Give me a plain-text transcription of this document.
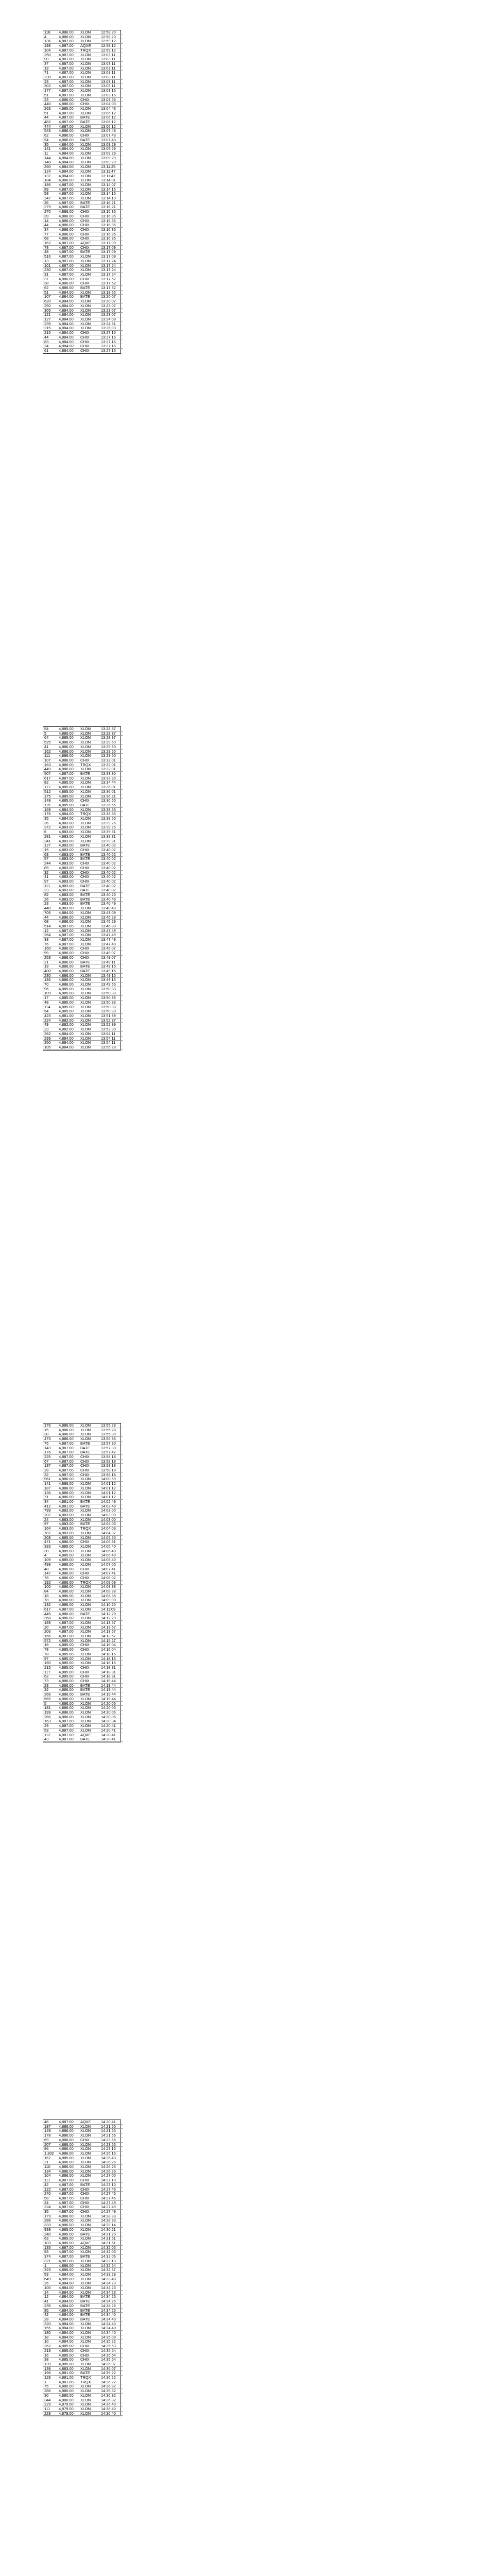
118	4,886.00	XLON	12:58:20
4	4,886.00	XLON	12:58:20
136	4,887.00	XLON	12:59:12
198	4,887.00	AQXE	12:59:12
104	4,887.00	TRQX	12:59:12
250	4,887.00	XLON	13:03:11
90	4,887.00	XLON	13:03:11
37	4,887.00	XLON	13:03:11
19	4,887.00	XLON	13:03:11
71	4,887.00	XLON	13:03:11
230	4,887.00	XLON	13:03:11
23	4,887.00	XLON	13:03:11
302	4,887.00	XLON	13:03:11
177	4,887.00	XLON	13:03:16
51	4,887.00	XLON	13:03:16
23	4,886.00	CHIX	13:03:56
440	4,886.00	CHIX	13:04:03
263	4,885.00	XLON	13:04:43
51	4,887.00	XLON	13:06:12
44	4,887.00	BATE	13:06:12
482	4,887.00	BATE	13:06:12
444	4,887.00	XLON	13:06:12
543	4,886.00	XLON	13:07:43
62	4,886.00	CHIX	13:07:43
54	4,886.00	BATE	13:07:43
35	4,884.00	XLON	13:09:29
141	4,884.00	XLON	13:09:29
11	4,884.00	XLON	13:09:29
144	4,884.00	XLON	13:09:29
148	4,884.00	XLON	13:09:29
260	4,884.00	XLON	13:11:25
124	4,884.00	XLON	13:11:47
137	4,884.00	XLON	13:11:47
184	4,886.00	XLON	13:14:01
186	4,887.00	XLON	13:14:07
89	4,887.00	XLON	13:14:15
58	4,887.00	XLON	13:14:15
247	4,887.00	XLON	13:14:19
36	4,887.00	BATE	13:16:21
279	4,886.00	BATE	13:16:21
270	4,886.00	CHIX	13:16:35
39	4,886.00	CHIX	13:16:35
14	4,886.00	CHIX	13:16:35
44	4,886.00	CHIX	13:16:35
34	4,886.00	CHIX	13:16:35
77	4,886.00	CHIX	13:16:35
68	4,886.00	CHIX	13:16:35
162	4,887.00	AQXE	13:17:09
78	4,887.00	CHIX	13:17:09
48	4,887.00	BATE	13:17:09
516	4,887.00	XLON	13:17:09
13	4,887.00	XLON	13:17:24
101	4,887.00	XLON	13:17:24
230	4,887.00	XLON	13:17:24
31	4,887.00	XLON	13:17:24
37	4,886.00	CHIX	13:17:52
38	4,886.00	CHIX	13:17:52
62	4,886.00	BATE	13:17:52
51	4,884.00	XLON	13:19:55
107	4,884.00	BATE	13:20:07
620	4,884.00	XLON	13:20:07
250	4,884.00	XLON	13:23:07
305	4,884.00	XLON	13:23:07
121	4,884.00	XLON	13:23:07
127	4,884.00	XLON	13:24:08
239	4,884.00	XLON	13:24:51
215	4,884.00	XLON	13:26:03
215	4,884.00	CHIX	13:27:16
44	4,884.00	CHIX	13:27:16
83	4,884.00	CHIX	13:27:16
24	4,884.00	CHIX	13:27:16
61	4,884.00	CHIX	13:27:16
54	4,885.00	XLON	13:28:37
5	4,885.00	XLON	13:28:37
64	4,885.00	XLON	13:28:37
525	4,886.00	XLON	13:29:50
41	4,886.00	XLON	13:29:50
162	4,886.00	XLON	13:29:50
111	4,886.00	XLON	13:29:50
107	4,886.00	CHIX	13:32:01
163	4,886.00	TRQX	13:32:01
449	4,886.00	XLON	13:32:01
507	4,887.00	BATE	13:33:30
617	4,887.00	XLON	13:33:30
82	4,885.00	XLON	13:34:44
177	4,885.00	XLON	13:36:01
512	4,885.00	XLON	13:36:01
175	4,885.00	XLON	13:36:21
148	4,885.00	CHIX	13:36:55
119	4,885.00	BATE	13:36:55
169	4,884.00	XLON	13:38:55
176	4,884.00	TRQX	13:38:55
35	4,884.00	XLON	13:38:55
36	4,883.00	XLON	13:39:26
372	4,883.00	XLON	13:39:26
6	4,883.00	XLON	13:39:31
281	4,883.00	XLON	13:39:31
241	4,883.00	XLON	13:39:31
127	4,883.00	BATE	13:40:02
15	4,883.00	CHIX	13:40:02
63	4,883.00	BATE	13:40:02
57	4,883.00	BATE	13:40:02
244	4,883.00	CHIX	13:40:02
89	4,883.00	CHIX	13:40:02
32	4,883.00	CHIX	13:40:02
41	4,883.00	CHIX	13:40:02
97	4,883.00	CHIX	13:40:02
111	4,883.00	BATE	13:40:02
23	4,883.00	BATE	13:40:02
82	4,883.00	BATE	13:40:25
26	4,883.00	BATE	13:40:49
23	4,883.00	BATE	13:40:49
440	4,883.00	XLON	13:40:49
706	4,884.00	XLON	13:43:09
44	4,886.00	XLON	13:45:29
68	4,886.00	XLON	13:45:29
514	4,887.00	XLON	13:46:30
12	4,887.00	XLON	13:47:49
264	4,887.00	XLON	13:47:49
33	4,887.00	XLON	13:47:49
76	4,887.00	XLON	13:47:49
160	4,886.00	CHIX	13:49:07
99	4,886.00	CHIX	13:49:07
253	4,886.00	CHIX	13:49:07
21	4,886.00	BATE	13:49:11
19	4,886.00	BATE	13:49:15
400	4,886.00	BATE	13:49:15
230	4,886.00	XLON	13:49:15
186	4,886.00	XLON	13:49:15
70	4,886.00	XLON	13:49:56
96	4,885.00	XLON	13:50:33
109	4,885.00	XLON	13:50:33
17	4,885.00	XLON	13:50:33
48	4,885.00	XLON	13:50:33
114	4,885.00	XLON	13:50:33
54	4,885.00	XLON	13:50:33
423	4,881.00	XLON	13:51:39
224	4,882.00	XLON	13:52:37
49	4,882.00	XLON	13:52:39
23	4,882.00	XLON	13:52:39
262	4,884.00	XLON	13:54:11
299	4,884.00	XLON	13:54:11
250	4,884.00	XLON	13:54:11
105	4,884.00	XLON	13:55:28
176	4,886.00	XLON	13:55:28
15	4,886.00	XLON	13:55:28
30	4,886.00	XLON	13:55:30
473	4,886.00	XLON	13:56:33
76	4,887.00	BATE	13:57:30
143	4,887.00	BATE	13:57:30
176	4,887.00	BATE	13:57:47
225	4,887.00	CHIX	13:58:18
67	4,887.00	CHIX	13:58:18
137	4,887.00	CHIX	13:58:18
28	4,887.00	CHIX	13:58:18
32	4,887.00	CHIX	13:58:18
961	4,886.00	XLON	14:00:59
141	4,886.00	XLON	14:01:12
187	4,886.00	XLON	14:01:12
136	4,886.00	XLON	14:01:12
71	4,886.00	XLON	14:01:12
34	4,881.00	BATE	14:02:49
412	4,881.00	BATE	14:02:49
799	4,882.00	XLON	14:03:00
207	4,883.00	XLON	14:03:00
24	4,883.00	XLON	14:03:00
97	4,883.00	BATE	14:04:03
164	4,883.00	TRQX	14:04:03
787	4,883.00	XLON	14:04:37
208	4,885.00	XLON	14:05:50
471	4,886.00	CHIX	14:06:31
333	4,885.00	XLON	14:06:40
30	4,885.00	XLON	14:06:40
4	4,885.00	XLON	14:06:40
109	4,885.00	XLON	14:06:40
498	4,886.00	XLON	14:07:05
48	4,886.00	CHIX	14:07:41
147	4,886.00	CHIX	14:07:41
78	4,886.00	CHIX	14:08:02
192	4,886.00	TRQX	14:08:09
100	4,886.00	XLON	14:08:38
84	4,886.00	XLON	14:08:38
18	4,886.00	XLON	14:08:38
78	4,886.00	XLON	14:09:00
132	4,886.00	XLON	14:10:20
617	4,887.00	XLON	14:11:09
445	4,886.00	BATE	14:12:29
368	4,886.00	XLON	14:12:29
189	4,887.00	XLON	14:13:57
20	4,887.00	XLON	14:13:57
206	4,887.00	XLON	14:13:57
166	4,887.00	XLON	14:13:57
572	4,885.00	XLON	14:15:27
18	4,885.00	CHIX	14:16:04
78	4,885.00	CHIX	14:16:04
78	4,885.00	XLON	14:18:16
97	4,885.00	XLON	14:18:16
160	4,885.00	XLON	14:18:16
215	4,885.00	CHIX	14:18:31
117	4,885.00	CHIX	14:18:31
62	4,885.00	CHIX	14:18:31
73	4,886.00	CHIX	14:19:44
23	4,886.00	BATE	14:19:44
32	4,886.00	BATE	14:19:44
266	4,886.00	BATE	14:19:44
565	4,886.00	XLON	14:19:44
5	4,886.00	XLON	14:20:06
181	4,886.00	XLON	14:20:06
199	4,886.00	XLON	14:20:06
266	4,886.00	XLON	14:20:06
163	4,887.00	XLON	14:20:34
29	4,887.00	XLON	14:20:41
53	4,887.00	XLON	14:20:41
112	4,887.00	AQXE	14:20:41
43	4,887.00	BATE	14:20:41
46	4,887.00	AQXE	14:20:41
187	4,886.00	XLON	14:21:55
148	4,886.00	XLON	14:21:55
178	4,886.00	XLON	14:21:56
69	4,886.00	CHIX	14:23:56
207	4,886.00	XLON	14:23:56
86	4,886.00	XLON	14:23:16
1,302	4,886.00	XLON	14:25:16
167	4,885.00	XLON	14:25:43
21	4,886.00	XLON	14:26:26
110	4,886.00	XLON	14:26:26
134	4,886.00	XLON	14:26:26
104	4,886.00	XLON	14:27:00
111	4,887.00	CHIX	14:27:10
42	4,887.00	BATE	14:27:10
122	4,887.00	CHIX	14:27:46
240	4,887.00	CHIX	14:27:46
58	4,887.00	CHIX	14:27:46
34	4,887.00	CHIX	14:27:49
224	4,887.00	CHIX	14:27:49
35	4,887.00	CHIX	14:27:49
179	4,886.00	XLON	14:28:33
288	4,886.00	XLON	14:28:33
333	4,886.00	XLON	14:29:14
939	4,885.00	XLON	14:30:21
240	4,885.00	BATE	14:31:20
63	4,885.00	XLON	14:31:51
103	4,885.00	AQXE	14:31:51
135	4,887.00	XLON	14:32:06
93	4,887.00	XLON	14:32:06
374	4,887.00	BATE	14:32:06
321	4,887.00	XLON	14:32:13
1	4,886.00	XLON	14:32:54
323	4,886.00	XLON	14:32:57
59	4,884.00	XLON	14:33:29
649	4,885.00	XLON	14:33:48
26	4,884.00	XLON	14:34:23
100	4,884.00	XLON	14:34:23
14	4,884.00	XLON	14:34:23
12	4,884.00	BATE	14:34:26
41	4,884.00	BATE	14:34:26
235	4,884.00	BATE	14:34:26
85	4,884.00	BATE	14:34:26
42	4,884.00	BATE	14:34:40
28	4,884.00	BATE	14:34:40
320	4,884.00	XLON	14:34:40
155	4,884.00	XLON	14:34:40
180	4,884.00	XLON	14:34:40
18	4,884.00	XLON	14:35:09
10	4,884.00	XLON	14:35:22
262	4,885.00	CHIX	14:35:53
218	4,885.00	CHIX	14:35:54
16	4,885.00	CHIX	14:35:54
38	4,885.00	CHIX	14:35:54
139	4,885.00	XLON	14:36:07
138	4,883.00	XLON	14:36:07
196	4,881.00	BATE	14:36:22
129	4,881.00	TRQX	14:36:22
1	4,881.00	TRQX	14:36:22
75	4,880.00	XLON	14:36:32
286	4,880.00	XLON	14:36:32
30	4,880.00	XLON	14:36:32
344	4,880.00	XLON	14:36:32
229	4,879.00	XLON	14:36:40
111	4,879.00	XLON	14:36:40
229	4,879.00	XLON	14:36:40
